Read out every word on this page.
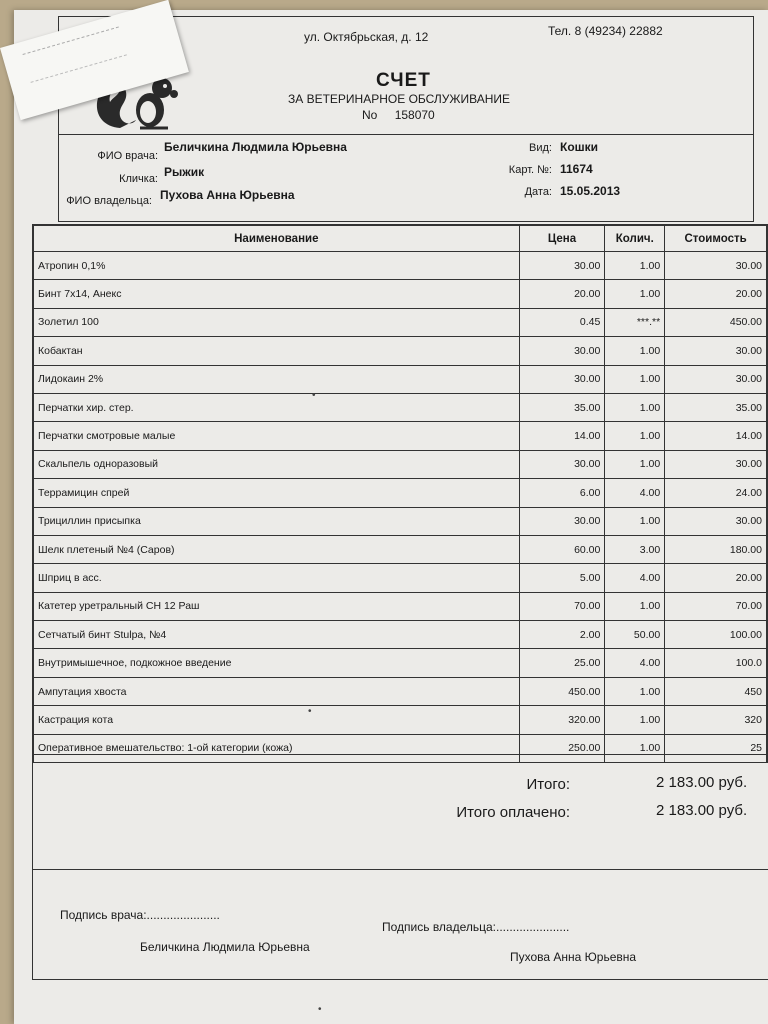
ул. Октябрьская, д. 12	Тел. 8 (49234) 22882
СЧЕТ
ЗА ВЕТЕРИНАРНОЕ ОБСЛУЖИВАНИЕ
No 158070
ФИО врача:
Беличкина Людмила Юрьевна
Кличка: Рыжик
ФИО владельца: Пухова Анна Юрьевна
Вид: Кошки
Карт. №: 11674
Дата: 15.05.2013
Наименование	Цена	Колич.	Стоимость
Атропин 0,1%	30.00	1.00	30.00
Бинт 7x14, Анекс	20.00	1.00	20.00
Золетил 100	0.45	***.**	450.00
Кобактан	30.00	1.00	30.00
Лидокаин 2%	30.00	1.00	30.00
Перчатки хир. стер.	35.00	1.00	35.00
Перчатки смотровые малые	14.00	1.00	14.00
Скальпель одноразовый	30.00	1.00	30.00
Террамицин спрей	6.00	4.00	24.00
Трициллин присыпка	30.00	1.00	30.00
Шелк плетеный №4 (Саров)	60.00	3.00	180.00
Шприц в асс.	5.00	4.00	20.00
Катетер уретральный CH 12 Раш	70.00	1.00	70.00
Сетчатый бинт Stulpa, №4	2.00	50.00	100.00
Внутримышечное, подкожное введение	25.00	4.00	100.0
Ампутация хвоста	450.00	1.00	450
Кастрация кота	320.00	1.00	320
Оперативное вмешательство: 1-ой категории (кожа)	250.00	1.00	25
•
•
Итого:	2 183.00 руб.
Итого оплачено:	2 183.00 руб.
Подпись врача:......................
Беличкина Людмила Юрьевна
Подпись владельца:......................
Пухова Анна Юрьевна
•
